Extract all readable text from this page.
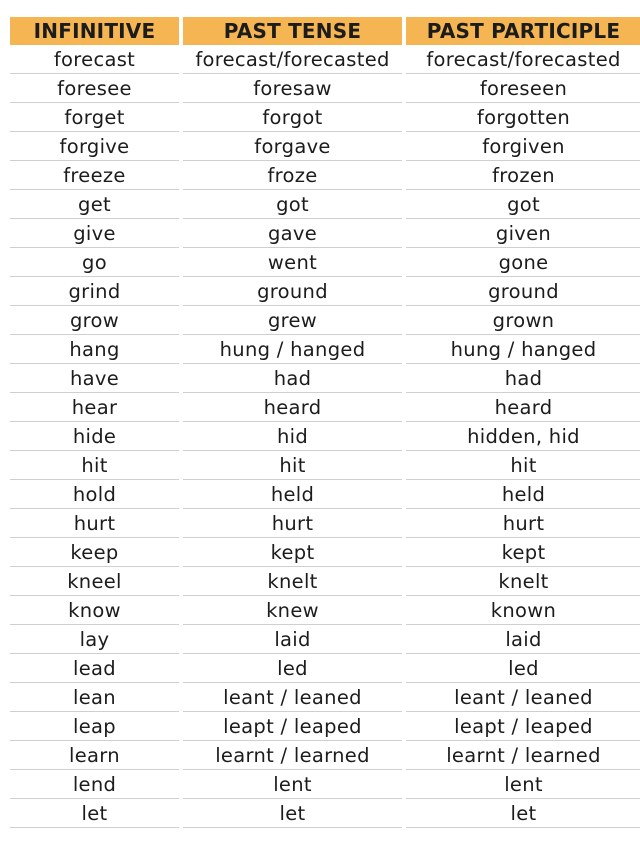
INFINITIVE	PAST TENSE	PAST PARTICIPLE
forecast	forecast/forecasted	forecast/forecasted
foresee	foresaw	foreseen
forget	forgot	forgotten
forgive	forgave	forgiven
freeze	froze	frozen
get	got	got
give	gave	given
go	went	gone
grind	ground	ground
grow	grew	grown
hang	hung / hanged	hung / hanged
have	had	had
hear	heard	heard
hide	hid	hidden, hid
hit	hit	hit
hold	held	held
hurt	hurt	hurt
keep	kept	kept
kneel	knelt	knelt
know	knew	known
lay	laid	laid
lead	led	led
lean	leant / leaned	leant / leaned
leap	leapt / leaped	leapt / leaped
learn	learnt / learned	learnt / learned
lend	lent	lent
let	let	let
